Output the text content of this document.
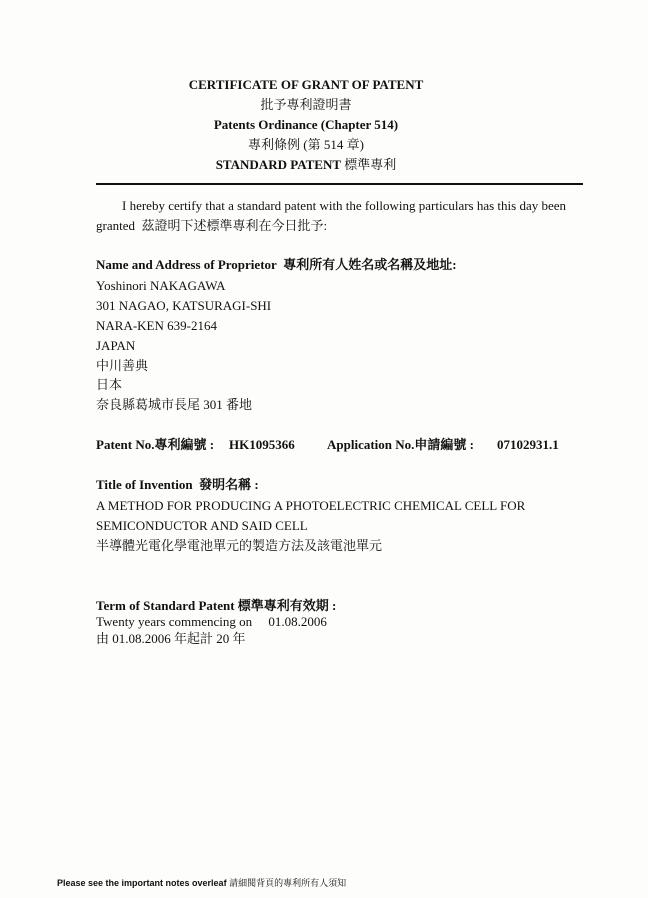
CERTIFICATE OF GRANT OF PATENT
批予專利證明書
Patents Ordinance (Chapter 514)
專利條例 (第 514 章)
STANDARD PATENT 標準專利
I hereby certify that a standard patent with the following particulars has this day been granted 茲證明下述標準專利在今日批予:
Name and Address of Proprietor 專利所有人姓名或名稱及地址:
Yoshinori NAKAGAWA
301 NAGAO, KATSURAGI-SHI
NARA-KEN 639-2164
JAPAN
中川善典
日本
奈良縣葛城市長尾 301 番地
Patent No.專利編號 : HK1095366 Application No.申請編號 : 07102931.1
Title of Invention 發明名稱 :
A METHOD FOR PRODUCING A PHOTOELECTRIC CHEMICAL CELL FOR
SEMICONDUCTOR AND SAID CELL
半導體光電化學電池單元的製造方法及該電池單元
Term of Standard Patent 標準專利有效期 :
Twenty years commencing on 01.08.2006
由 01.08.2006 年起計 20 年
Please see the important notes overleaf 請細閱背頁的專利所有人須知
